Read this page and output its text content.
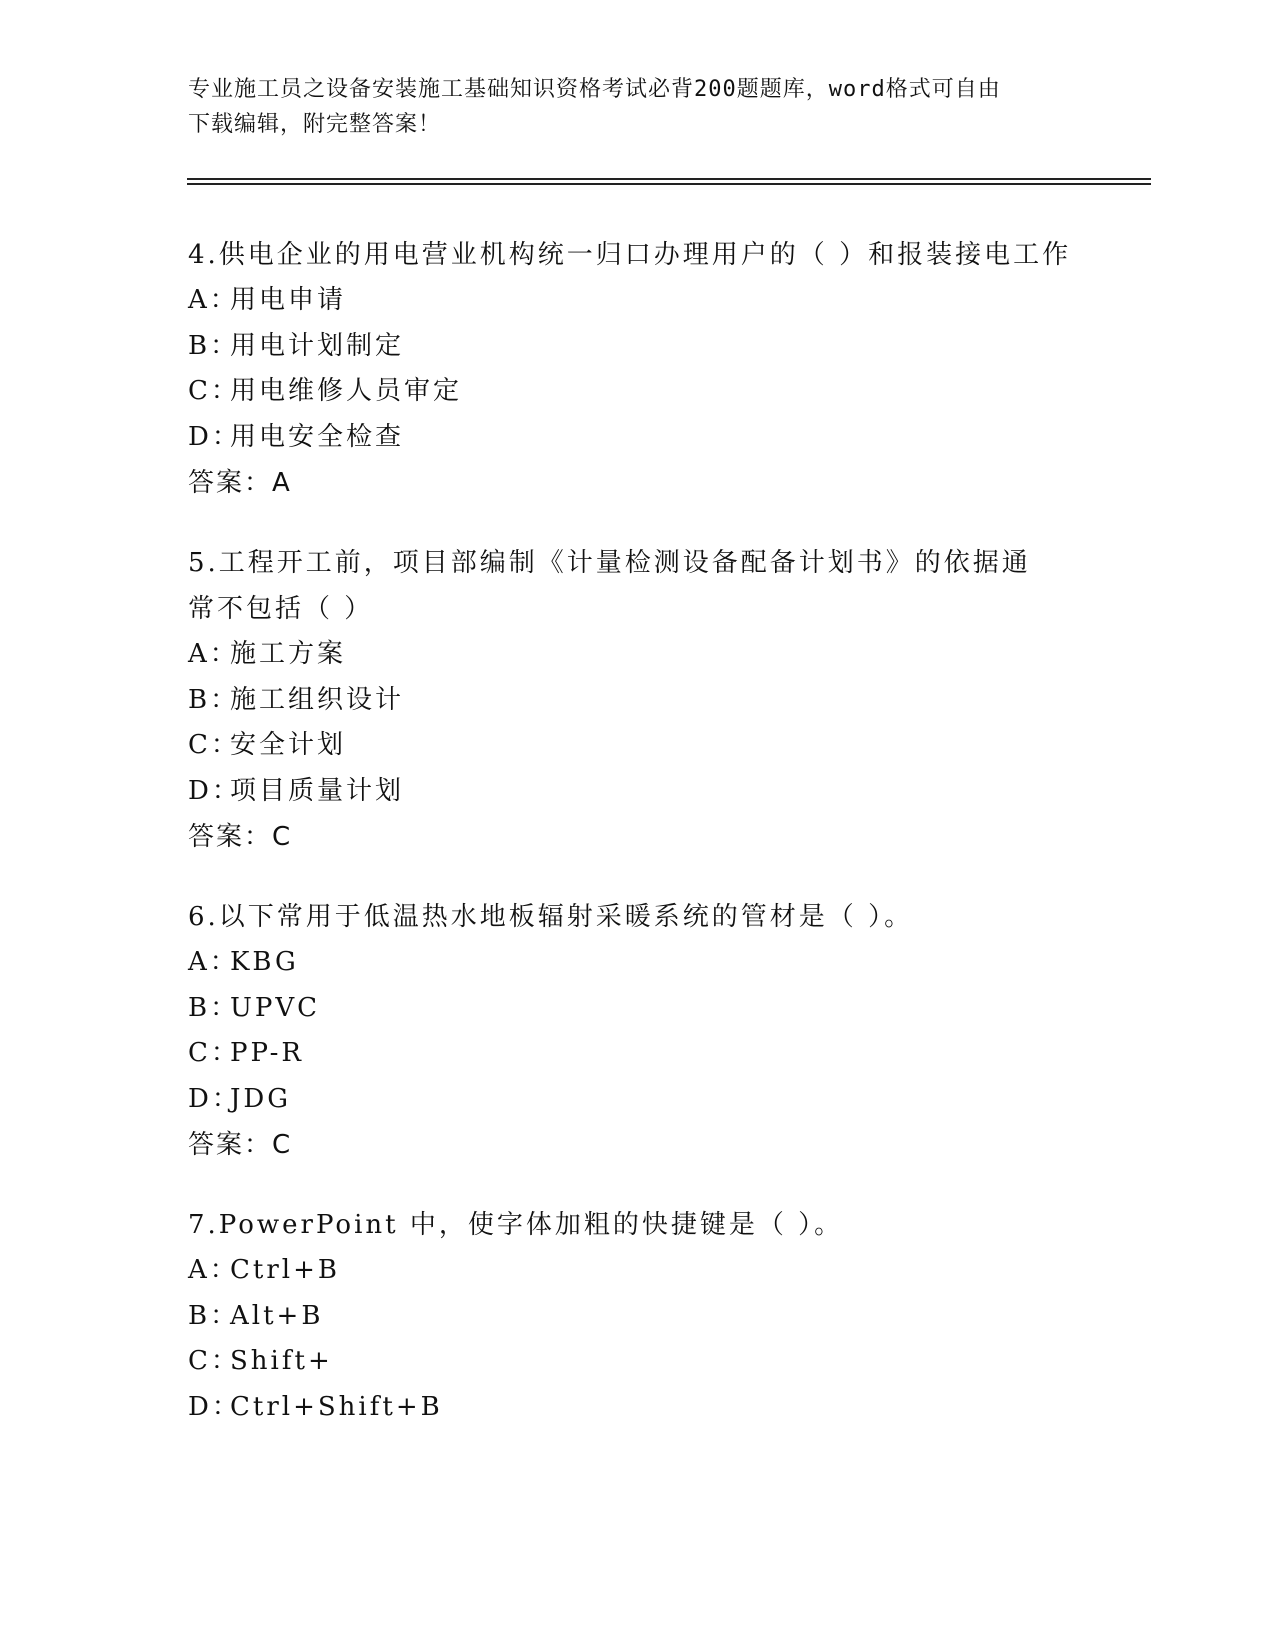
专业施工员之设备安装施工基础知识资格考试必背200题题库，word格式可自由
下载编辑，附完整答案！
4.供电企业的用电营业机构统一归口办理用户的（ ）和报装接电工作
A：用电申请
B：用电计划制定
C：用电维修人员审定
D：用电安全检查
答案：A
5.工程开工前，项目部编制《计量检测设备配备计划书》的依据通常不包括（ ）
A：施工方案
B：施工组织设计
C：安全计划
D：项目质量计划
答案：C
6.以下常用于低温热水地板辐射采暖系统的管材是（ ）。
A：KBG
B：UPVC
C：PP-R
D：JDG
答案：C
7.PowerPoint 中，使字体加粗的快捷键是（ ）。
A：Ctrl+B
B：Alt+B
C：Shift+
D：Ctrl+Shift+B
